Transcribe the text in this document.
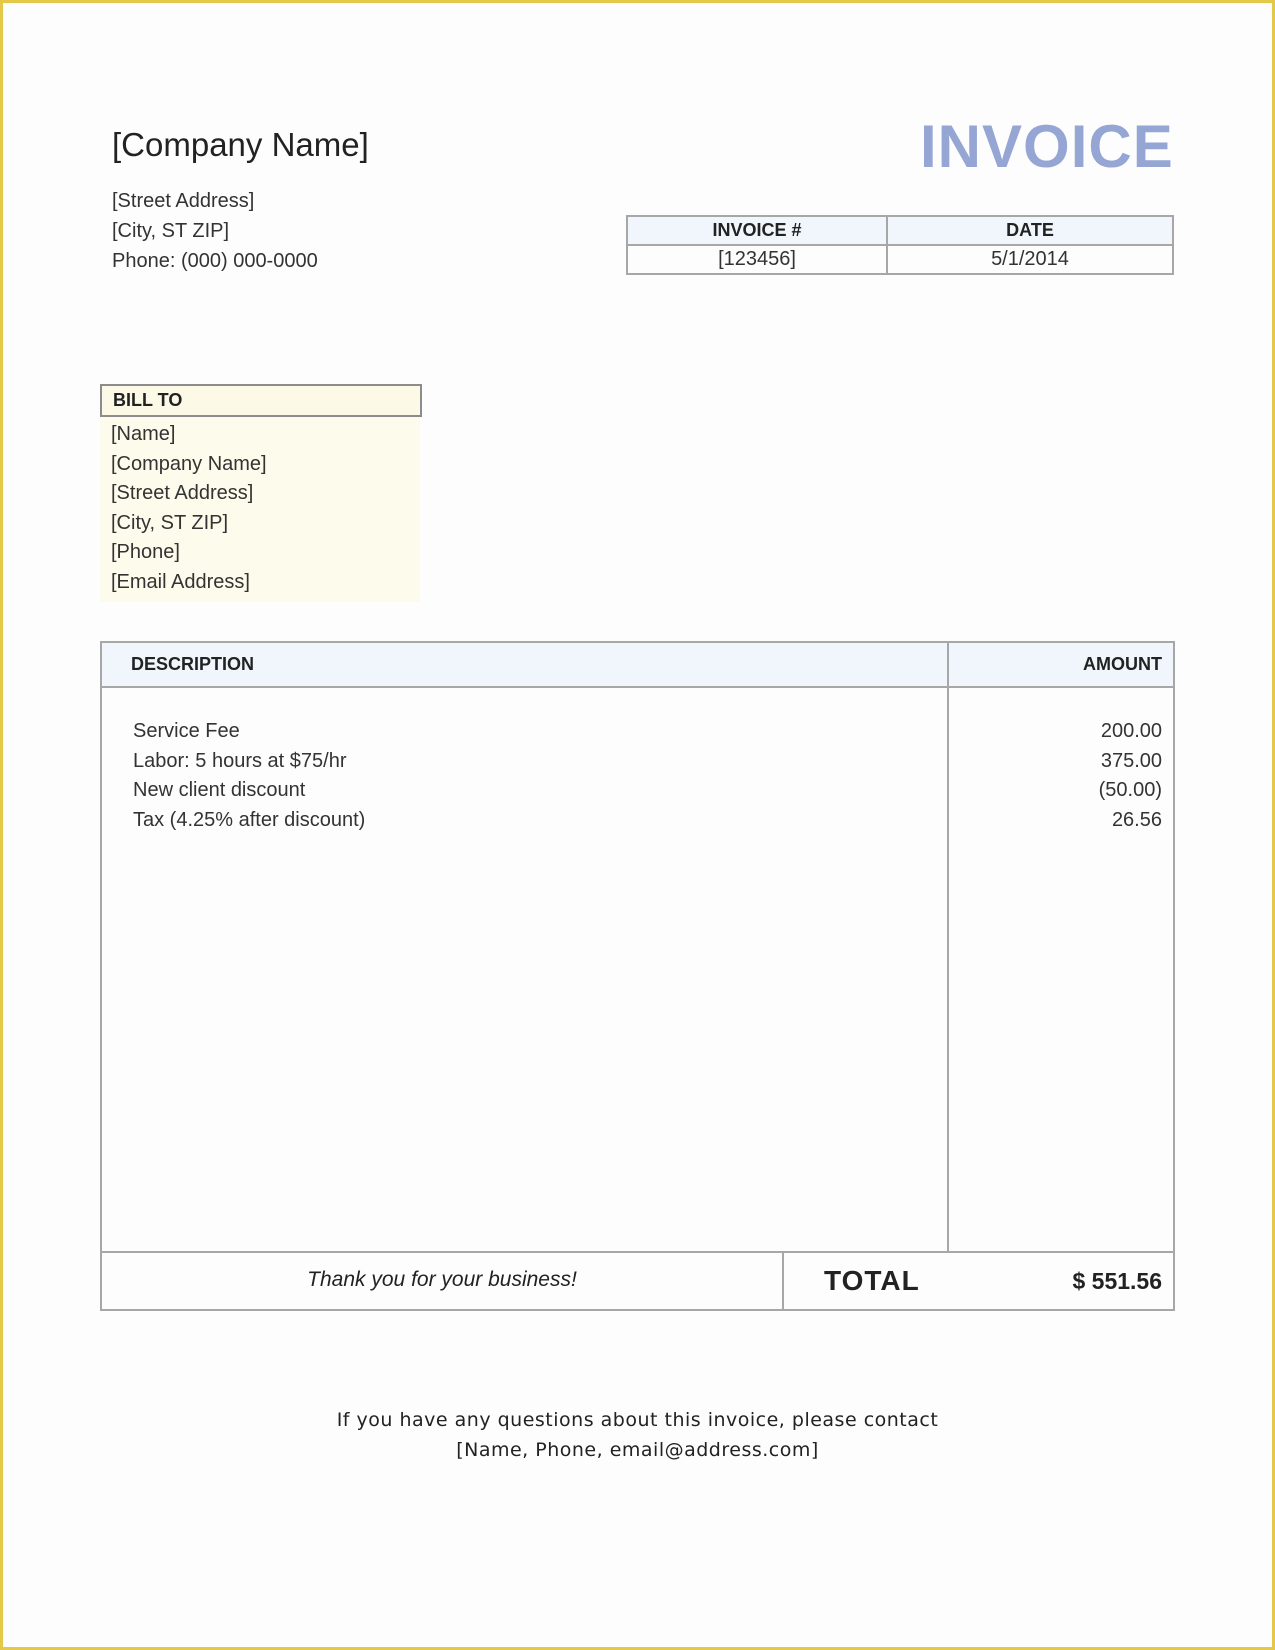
[Company Name]	INVOICE
[Street Address]
[City, ST ZIP]
Phone: (000) 000-0000
INVOICE #	DATE
[123456]	5/1/2014
BILL TO
[Name]
[Company Name]
[Street Address]
[City, ST ZIP]
[Phone]
[Email Address]
DESCRIPTION	AMOUNT
Service Fee	200.00
Labor: 5 hours at $75/hr	375.00
New client discount	(50.00)
Tax (4.25% after discount)	26.56
Thank you for your business!	TOTAL	$ 551.56
If you have any questions about this invoice, please contact
[Name, Phone, email@address.com]
